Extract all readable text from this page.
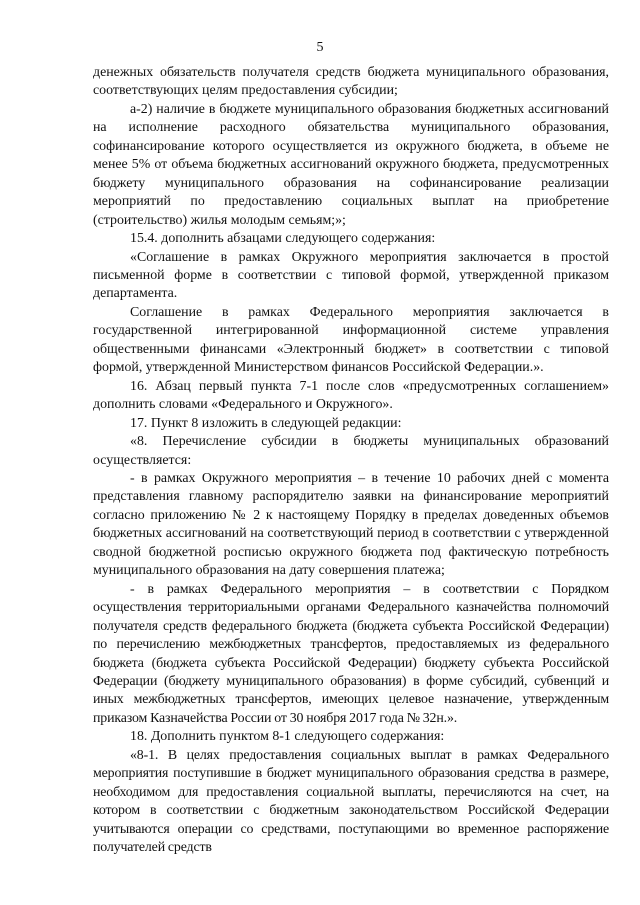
5

денежных обязательств получателя средств бюджета муниципального образования, соответствующих целям предоставления субсидии;

а-2) наличие в бюджете муниципального образования бюджетных ассигнований на исполнение расходного обязательства муниципального образования, софинансирование которого осуществляется из окружного бюджета, в объеме не менее 5% от объема бюджетных ассигнований окружного бюджета, предусмотренных бюджету муниципального образования на софинансирование реализации мероприятий по предоставлению социальных выплат на приобретение (строительство) жилья молодым семьям;»;

15.4. дополнить абзацами следующего содержания:

«Соглашение в рамках Окружного мероприятия заключается в простой письменной форме в соответствии с типовой формой, утвержденной приказом департамента.

Соглашение в рамках Федерального мероприятия заключается в государственной интегрированной информационной системе управления общественными финансами «Электронный бюджет» в соответствии с типовой формой, утвержденной Министерством финансов Российской Федерации.».

16. Абзац первый пункта 7-1 после слов «предусмотренных соглашением» дополнить словами «Федерального и Окружного».

17. Пункт 8 изложить в следующей редакции:

«8. Перечисление субсидии в бюджеты муниципальных образований осуществляется:

- в рамках Окружного мероприятия – в течение 10 рабочих дней с момента представления главному распорядителю заявки на финансирование мероприятий согласно приложению № 2 к настоящему Порядку в пределах доведенных объемов бюджетных ассигнований на соответствующий период в соответствии с утвержденной сводной бюджетной росписью окружного бюджета под фактическую потребность муниципального образования на дату совершения платежа;

- в рамках Федерального мероприятия – в соответствии с Порядком осуществления территориальными органами Федерального казначейства полномочий получателя средств федерального бюджета (бюджета субъекта Российской Федерации) по перечислению межбюджетных трансфертов, предоставляемых из федерального бюджета (бюджета субъекта Российской Федерации) бюджету субъекта Российской Федерации (бюджету муниципального образования) в форме субсидий, субвенций и иных межбюджетных трансфертов, имеющих целевое назначение, утвержденным приказом Казначейства России от 30 ноября 2017 года № 32н.».

18. Дополнить пунктом 8-1 следующего содержания:

«8-1. В целях предоставления социальных выплат в рамках Федерального мероприятия поступившие в бюджет муниципального образования средства в размере, необходимом для предоставления социальной выплаты, перечисляются на счет, на котором в соответствии с бюджетным законодательством Российской Федерации учитываются операции со средствами, поступающими во временное распоряжение получателей средств
